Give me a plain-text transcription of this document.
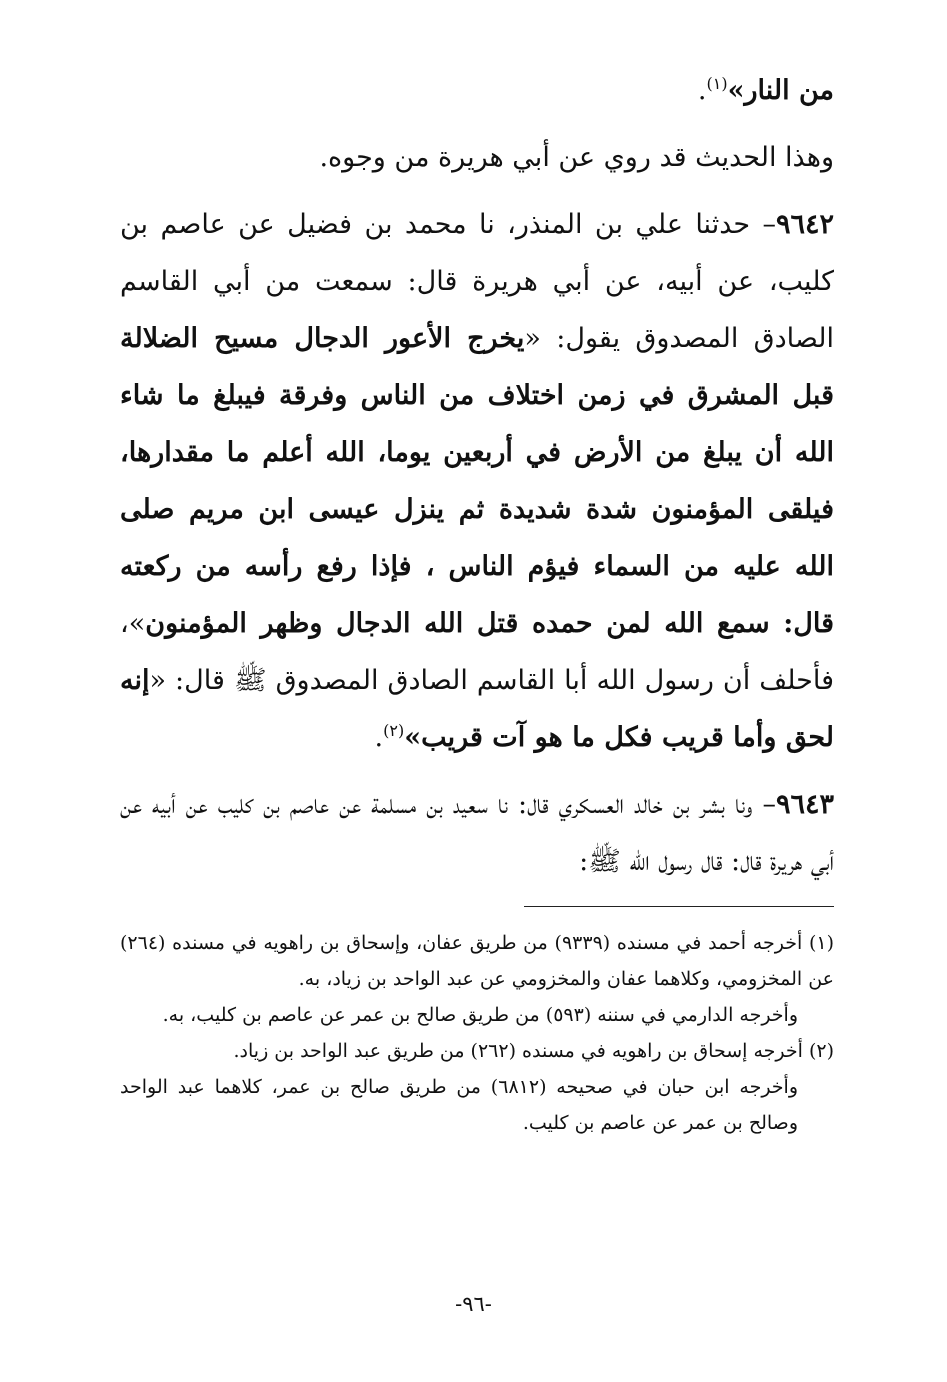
من النار»$^{(١)}$.

وهذا الحديث قد روي عن أبي هريرة من وجوه.

٩٦٤٢– حدثنا علي بن المنذر، نا محمد بن فضيل عن عاصم بن كليب، عن أبيه، عن أبي هريرة قال: سمعت من أبي القاسم الصادق المصدوق يقول: «يخرج الأعور الدجال مسيح الضلالة قبل المشرق في زمن اختلاف من الناس وفرقة فيبلغ ما شاء الله أن يبلغ من الأرض في أربعين يوما، الله أعلم ما مقدارها، فيلقى المؤمنون شدة شديدة ثم ينزل عيسى ابن مريم صلى الله عليه من السماء فيؤم الناس ، فإذا رفع رأسه من ركعته قال: سمع الله لمن حمده قتل الله الدجال وظهر المؤمنون»، فأحلف أن رسول الله أبا القاسم الصادق المصدوق ﷺ قال: «إنه لحق وأما قريب فكل ما هو آت قريب»$^{(٢)}$.

٩٦٤٣– ونا بشر بن خالد العسكري قال: نا سعيد بن مسلمة عن عاصم بن كليب عن أبيه عن أبي هريرة قال: قال رسول الله ﷺ:

(١) أخرجه أحمد في مسنده (٩٣٣٩) من طريق عفان، وإسحاق بن راهويه في مسنده (٢٦٤) عن المخزومي، وكلاهما عفان والمخزومي عن عبد الواحد بن زياد، به.

وأخرجه الدارمي في سننه (٥٩٣) من طريق صالح بن عمر عن عاصم بن كليب، به.

(٢) أخرجه إسحاق بن راهويه في مسنده (٢٦٢) من طريق عبد الواحد بن زياد.

وأخرجه ابن حبان في صحيحه (٦٨١٢) من طريق صالح بن عمر، كلاهما عبد الواحد وصالح بن عمر عن عاصم بن كليب.

-٩٦-
